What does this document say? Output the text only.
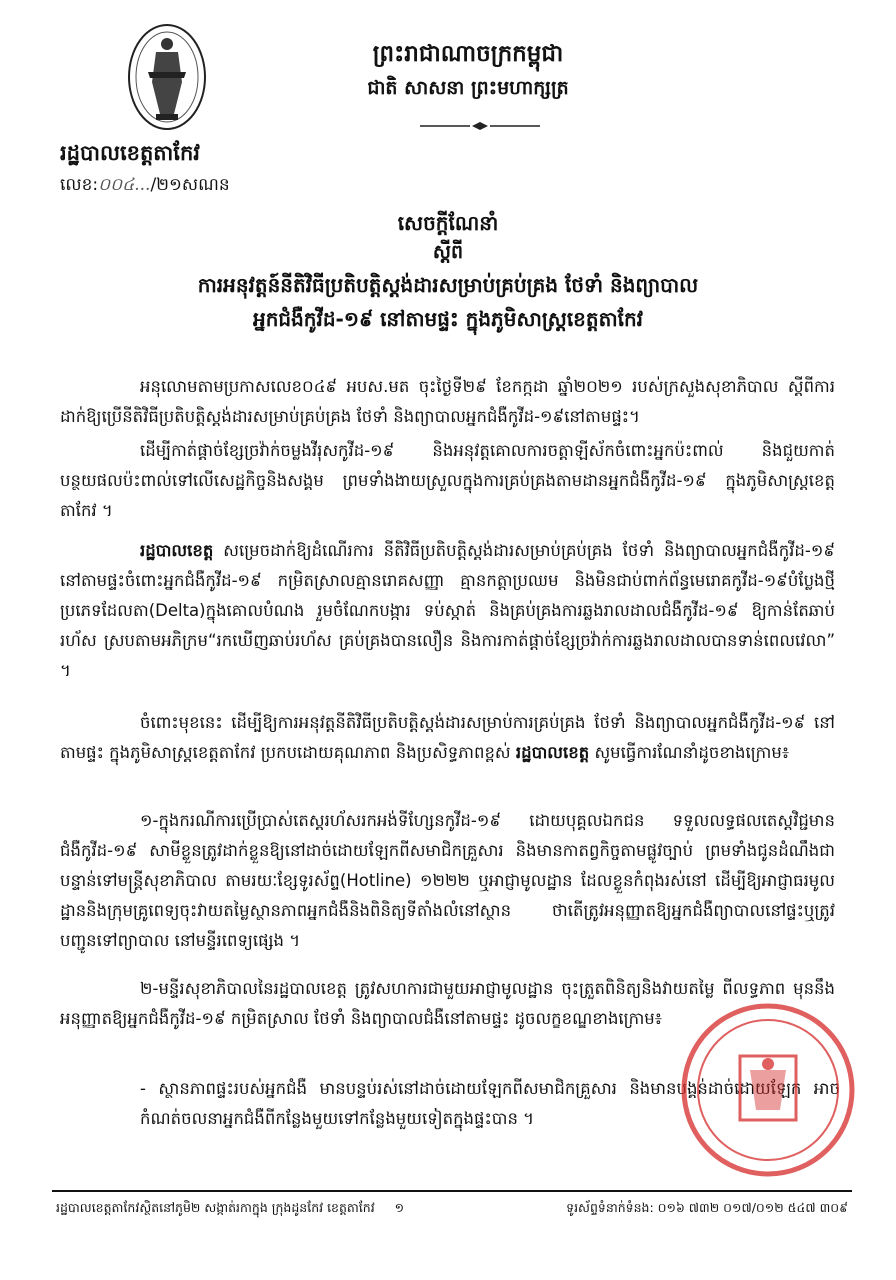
ព្រះរាជាណាចក្រកម្ពុជា
ជាតិ សាសនា ព្រះមហាក្សត្រ
រដ្ឋបាលខេត្តតាកែវ
លេខ:០០៤.../២១សណន
សេចក្តីណែនាំ
ស្តីពី
ការអនុវត្តន៍នីតិវិធីប្រតិបត្តិស្តង់ដារសម្រាប់គ្រប់គ្រង ថែទាំ និងព្យាបាល
អ្នកជំងឺកូវីដ-១៩ នៅតាមផ្ទះ ក្នុងភូមិសាស្ត្រខេត្តតាកែវ
អនុលោមតាមប្រកាសលេខ០៤៩ អបស.មត ចុះថ្ងៃទី២៩ ខែកក្កដា ឆ្នាំ២០២១ របស់ក្រសួងសុខាភិបាល ស្តីពីការដាក់ឱ្យប្រើនីតិវិធីប្រតិបត្តិស្តង់ដារសម្រាប់គ្រប់គ្រង ថែទាំ និងព្យាបាលអ្នកជំងឺកូវីដ-១៩នៅតាមផ្ទះ។
ដើម្បីកាត់ផ្តាច់ខ្សែច្រវ៉ាក់ចម្លងវីរុសកូវីដ-១៩ និងអនុវត្តគោលការចត្តាឡីស័កចំពោះអ្នកប៉ះពាល់ និងជួយកាត់បន្ថយផលប៉ះពាល់ទៅលើសេដ្ឋកិច្ចនិងសង្គម ព្រមទាំងងាយស្រួលក្នុងការគ្រប់គ្រងតាមដានអ្នកជំងឺកូវីដ-១៩ ក្នុងភូមិសាស្ត្រខេត្តតាកែវ ។
រដ្ឋបាលខេត្ត សម្រេចដាក់ឱ្យដំណើរការ នីតិវិធីប្រតិបត្តិស្តង់ដារសម្រាប់គ្រប់គ្រង ថែទាំ និងព្យាបាលអ្នកជំងឺកូវីដ-១៩ នៅតាមផ្ទះចំពោះអ្នកជំងឺកូវីដ-១៩ កម្រិតស្រាលគ្មានរោគសញ្ញា គ្មានកត្តាប្រឈម និងមិនជាប់ពាក់ព័ន្ធមេរោគកូវីដ-១៩បំប្លែងថ្មី ប្រភេទដែលតា(Delta)ក្នុងគោលបំណង រួមចំណែកបង្ការ ទប់ស្កាត់ និងគ្រប់គ្រងការឆ្លងរាលដាលជំងឺកូវីដ-១៩ ឱ្យកាន់តែឆាប់រហ័ស ស្របតាមអភិក្រម“រកឃើញឆាប់រហ័ស គ្រប់គ្រងបានលឿន និងការកាត់ផ្តាច់ខ្សែច្រវ៉ាក់ការឆ្លងរាលដាលបានទាន់ពេលវេលា” ។
ចំពោះមុខនេះ ដើម្បីឱ្យការអនុវត្តនីតិវិធីប្រតិបត្តិស្តង់ដារសម្រាប់ការគ្រប់គ្រង ថែទាំ និងព្យាបាលអ្នកជំងឺកូវីដ-១៩ នៅតាមផ្ទះ ក្នុងភូមិសាស្ត្រខេត្តតាកែវ ប្រកបដោយគុណភាព និងប្រសិទ្ធភាពខ្ពស់ រដ្ឋបាលខេត្ត សូមធ្វើការណែនាំដូចខាងក្រោម៖
១-ក្នុងករណីការប្រើប្រាស់តេស្តរហ័សរកអង់ទីហ្សែនកូវីដ-១៩ ដោយបុគ្គលឯកជន ទទួលលទ្ធផលតេស្តវិជ្ជមានជំងឺកូវីដ-១៩ សាមីខ្លួនត្រូវដាក់ខ្លួនឱ្យនៅដាច់ដោយឡែកពីសមាជិកគ្រួសារ និងមានកាតព្វកិច្ចតាមផ្លូវច្បាប់ ព្រមទាំងជូនដំណឹងជាបន្ទាន់ទៅមន្ត្រីសុខាភិបាល តាមរយៈខ្សែទូរស័ព្ទ(Hotline) ១២២២ ឬអាជ្ញាមូលដ្ឋាន ដែលខ្លួនកំពុងរស់នៅ ដើម្បីឱ្យអាជ្ញាធរមូលដ្ឋាននិងក្រុមគ្រូពេទ្យចុះវាយតម្លៃស្ថានភាពអ្នកជំងឺនិងពិនិត្យទីតាំងលំនៅស្ថាន ថាតើត្រូវអនុញ្ញាតឱ្យអ្នកជំងឺព្យាបាលនៅផ្ទះឬត្រូវបញ្ជូនទៅព្យាបាល នៅមន្ទីរពេទ្យផ្សេង ។
២-មន្ទីរសុខាភិបាលនៃរដ្ឋបាលខេត្ត ត្រូវសហការជាមួយអាជ្ញាមូលដ្ឋាន ចុះត្រួតពិនិត្យនិងវាយតម្លៃ ពីលទ្ធភាព មុននឹងអនុញ្ញាតឱ្យអ្នកជំងឺកូវីដ-១៩ កម្រិតស្រាល ថែទាំ និងព្យាបាលជំងឺនៅតាមផ្ទះ ដូចលក្ខខណ្ឌខាងក្រោម៖
- ស្ថានភាពផ្ទះរបស់អ្នកជំងឺ មានបន្ទប់រស់នៅដាច់ដោយឡែកពីសមាជិកគ្រួសារ និងមានបង្គន់ដាច់ដោយឡែក អាចកំណត់ចលនាអ្នកជំងឺពីកន្លែងមួយទៅកន្លែងមួយទៀតក្នុងផ្ទះបាន ។
រដ្ឋបាលខេត្តតាកែវស្ថិតនៅភូមិ២ សង្កាត់រកាក្នុង ក្រុងដូនកែវ ខេត្តតាកែវ ១	ទូរស័ព្ទទំនាក់ទំនង: ០១៦ ៧៣២ ០១៧/០១២ ៥៤៧ ៣០៩
